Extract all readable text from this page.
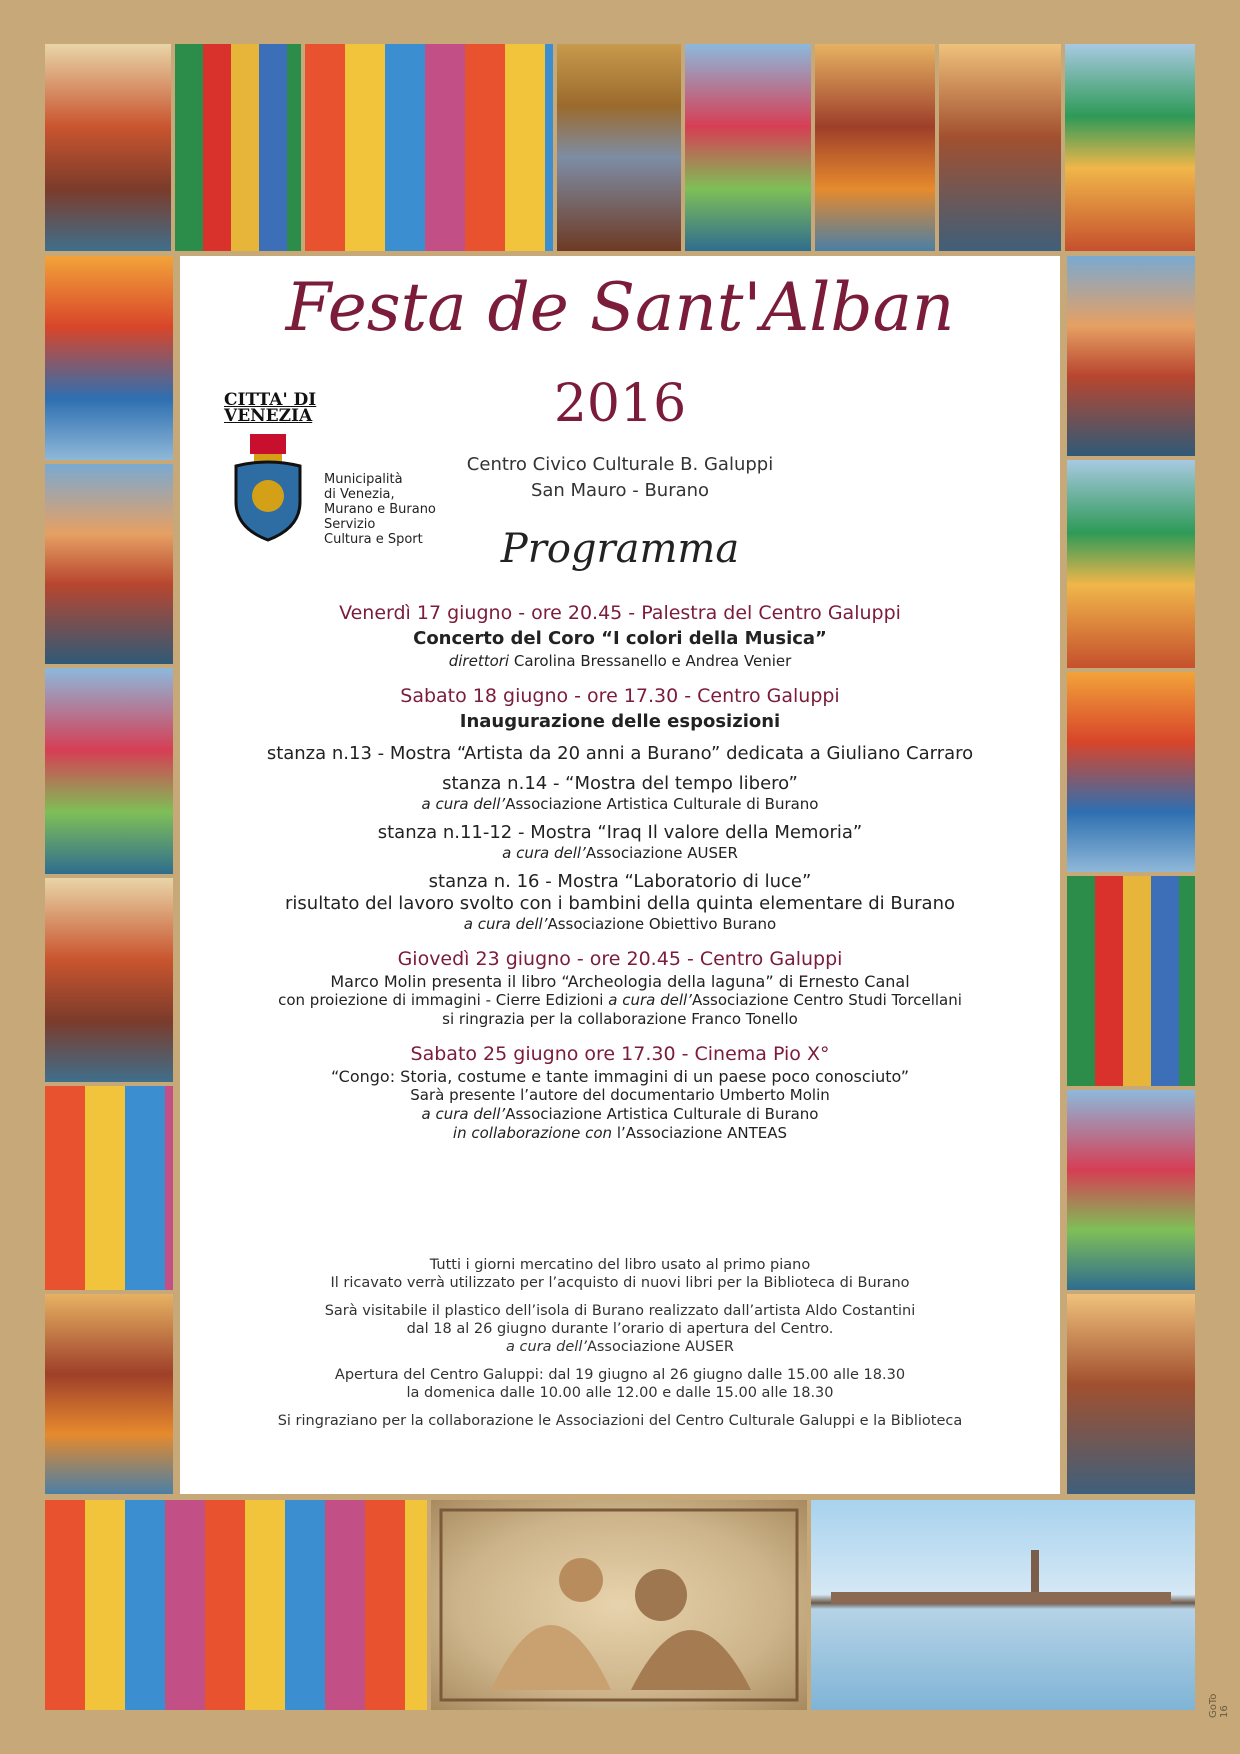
Festa de Sant'Alban
2016
Centro Civico Culturale B. Galuppi
San Mauro - Burano
CITTA' DI
VENEZIA
Municipalità
di Venezia,
Murano e Burano
Servizio
Cultura e Sport	Programma
Venerdì 17 giugno - ore 20.45 - Palestra del Centro Galuppi
Concerto del Coro “I colori della Musica”
direttori Carolina Bressanello e Andrea Venier
Sabato 18 giugno - ore 17.30 - Centro Galuppi
Inaugurazione delle esposizioni
stanza n.13 - Mostra “Artista da 20 anni a Burano” dedicata a Giuliano Carraro
stanza n.14 - “Mostra del tempo libero”
a cura dell’Associazione Artistica Culturale di Burano
stanza n.11-12 - Mostra “Iraq Il valore della Memoria”
a cura dell’Associazione AUSER
stanza n. 16 - Mostra “Laboratorio di luce”
risultato del lavoro svolto con i bambini della quinta elementare di Burano
a cura dell’Associazione Obiettivo Burano
Giovedì 23 giugno - ore 20.45 - Centro Galuppi
Marco Molin presenta il libro “Archeologia della laguna” di Ernesto Canal
con proiezione di immagini - Cierre Edizioni a cura dell’Associazione Centro Studi Torcellani
si ringrazia per la collaborazione Franco Tonello
Sabato 25 giugno ore 17.30 - Cinema Pio X°
“Congo: Storia, costume e tante immagini di un paese poco conosciuto”
Sarà presente l’autore del documentario Umberto Molin
a cura dell’Associazione Artistica Culturale di Burano
in collaborazione con l’Associazione ANTEAS

Tutti i giorni mercatino del libro usato al primo piano
Il ricavato verrà utilizzato per l’acquisto di nuovi libri per la Biblioteca di Burano

Sarà visitabile il plastico dell’isola di Burano realizzato dall’artista Aldo Costantini
dal 18 al 26 giugno durante l’orario di apertura del Centro.
a cura dell’Associazione AUSER

Apertura del Centro Galuppi: dal 19 giugno al 26 giugno dalle 15.00 alle 18.30
la domenica dalle 10.00 alle 12.00 e dalle 15.00 alle 18.30

Si ringraziano per la collaborazione le Associazioni del Centro Culturale Galuppi e la Biblioteca

GoTo 16
